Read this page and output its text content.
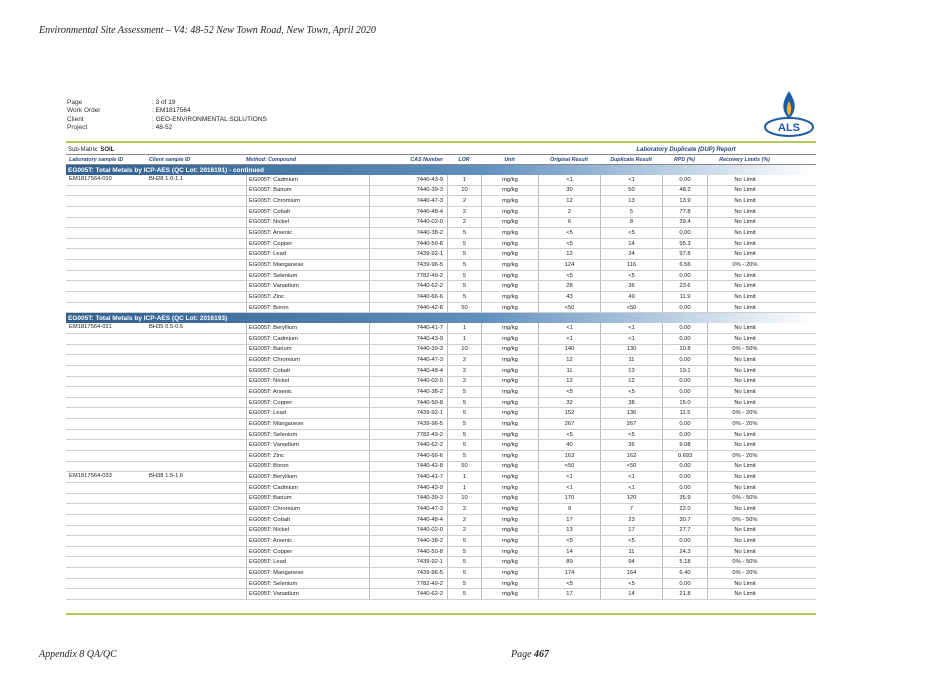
Environmental Site Assessment – V4: 48-52 New Town Road, New Town, April 2020
Page	: 3 of 19
Work Order	: EM1817564
Client	: GEO-ENVIRONMENTAL SOLUTIONS
Project	: 48-52	ALS
Sub-Matrix: SOIL	Laboratory Duplicate (DUP) Report
Laboratory sample ID	Client sample ID	Method: Compound	CAS Number	LOR	Unit	Original Result	Duplicate Result	RPD (%)	Recovery Limits (%)
EG005T: Total Metals by ICP-AES (QC Lot: 2016191) - continued
EM1817564-010	BH28 1.0-1.1	EG005T: Cadmium	7440-43-9	1	mg/kg	<1	<1	0.00	No Limit
EG005T: Barium	7440-39-3	10	mg/kg	30	50	48.2	No Limit
EG005T: Chromium	7440-47-3	2	mg/kg	12	13	13.9	No Limit
EG005T: Cobalt	7440-48-4	2	mg/kg	2	5	77.8	No Limit
EG005T: Nickel	7440-02-0	2	mg/kg	6	8	39.4	No Limit
EG005T: Arsenic	7440-38-2	5	mg/kg	<5	<5	0.00	No Limit
EG005T: Copper	7440-50-8	5	mg/kg	<5	14	95.3	No Limit
EG005T: Lead	7439-92-1	5	mg/kg	12	34	97.8	No Limit
EG005T: Manganese	7439-96-5	5	mg/kg	124	116	6.56	0% - 20%
EG005T: Selenium	7782-49-2	5	mg/kg	<5	<5	0.00	No Limit
EG005T: Vanadium	7440-62-2	5	mg/kg	28	36	23.6	No Limit
EG005T: Zinc	7440-66-6	5	mg/kg	43	49	11.9	No Limit
EG005T: Boron	7440-42-8	50	mg/kg	<50	<50	0.00	No Limit
EG005T: Total Metals by ICP-AES (QC Lot: 2016193)
EM1817564-021	BH35 0.5-0.6	EG005T: Beryllium	7440-41-7	1	mg/kg	<1	<1	0.00	No Limit
EG005T: Cadmium	7440-43-9	1	mg/kg	<1	<1	0.00	No Limit
EG005T: Barium	7440-39-3	10	mg/kg	140	130	10.8	0% - 50%
EG005T: Chromium	7440-47-3	2	mg/kg	12	11	0.00	No Limit
EG005T: Cobalt	7440-48-4	2	mg/kg	11	13	19.1	No Limit
EG005T: Nickel	7440-02-0	2	mg/kg	12	12	0.00	No Limit
EG005T: Arsenic	7440-38-2	5	mg/kg	<5	<5	0.00	No Limit
EG005T: Copper	7440-50-8	5	mg/kg	32	38	15.0	No Limit
EG005T: Lead	7439-92-1	5	mg/kg	152	136	11.5	0% - 20%
EG005T: Manganese	7439-96-5	5	mg/kg	267	267	0.00	0% - 20%
EG005T: Selenium	7782-49-2	5	mg/kg	<5	<5	0.00	No Limit
EG005T: Vanadium	7440-62-2	5	mg/kg	40	36	9.08	No Limit
EG005T: Zinc	7440-66-6	5	mg/kg	163	162	0.693	0% - 20%
EG005T: Boron	7440-42-8	50	mg/kg	<50	<50	0.00	No Limit
EM1817564-033	BH38 1.5-1.6	EG005T: Beryllium	7440-41-7	1	mg/kg	<1	<1	0.00	No Limit
EG005T: Cadmium	7440-43-9	1	mg/kg	<1	<1	0.00	No Limit
EG005T: Barium	7440-39-3	10	mg/kg	170	120	35.9	0% - 50%
EG005T: Chromium	7440-47-3	2	mg/kg	9	7	22.0	No Limit
EG005T: Cobalt	7440-48-4	2	mg/kg	17	23	30.7	0% - 50%
EG005T: Nickel	7440-02-0	2	mg/kg	13	17	27.7	No Limit
EG005T: Arsenic	7440-38-2	5	mg/kg	<5	<5	0.00	No Limit
EG005T: Copper	7440-50-8	5	mg/kg	14	11	24.3	No Limit
EG005T: Lead	7439-92-1	5	mg/kg	89	94	5.18	0% - 50%
EG005T: Manganese	7439-96-5	5	mg/kg	174	164	6.40	0% - 20%
EG005T: Selenium	7782-49-2	5	mg/kg	<5	<5	0.00	No Limit
EG005T: Vanadium	7440-62-2	5	mg/kg	17	14	21.8	No Limit
Appendix 8 QA/QC	Page 467
